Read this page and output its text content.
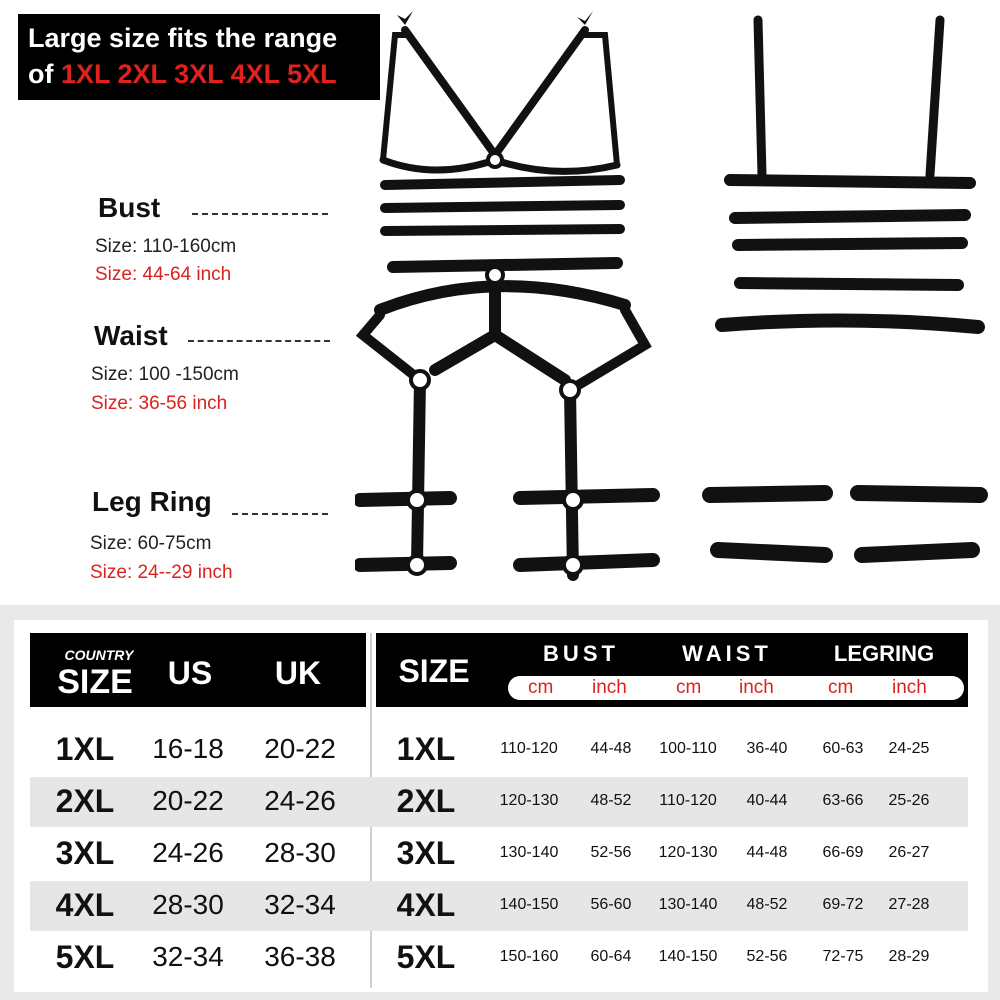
Large size fits the range
of 1XL 2XL 3XL 4XL 5XL
Bust
Size: 110-160cm
Size: 44-64 inch
Waist
Size: 100 -150cm
Size: 36-56 inch
Leg Ring
Size: 60-75cm
Size: 24--29 inch
COUNTRY
SIZE	US	UK	SIZE	BUST	WAIST	LEGRING
cm inch	cm inch	cm inch
1XL	16-18	20-22	1XL	110-120	44-48	100-110	36-40	60-63	24-25
2XL	20-22	24-26	2XL	120-130	48-52	110-120	40-44	63-66	25-26
3XL	24-26	28-30	3XL	130-140	52-56	120-130	44-48	66-69	26-27
4XL	28-30	32-34	4XL	140-150	56-60	130-140	48-52	69-72	27-28
5XL	32-34	36-38	5XL	150-160	60-64	140-150	52-56	72-75	28-29
